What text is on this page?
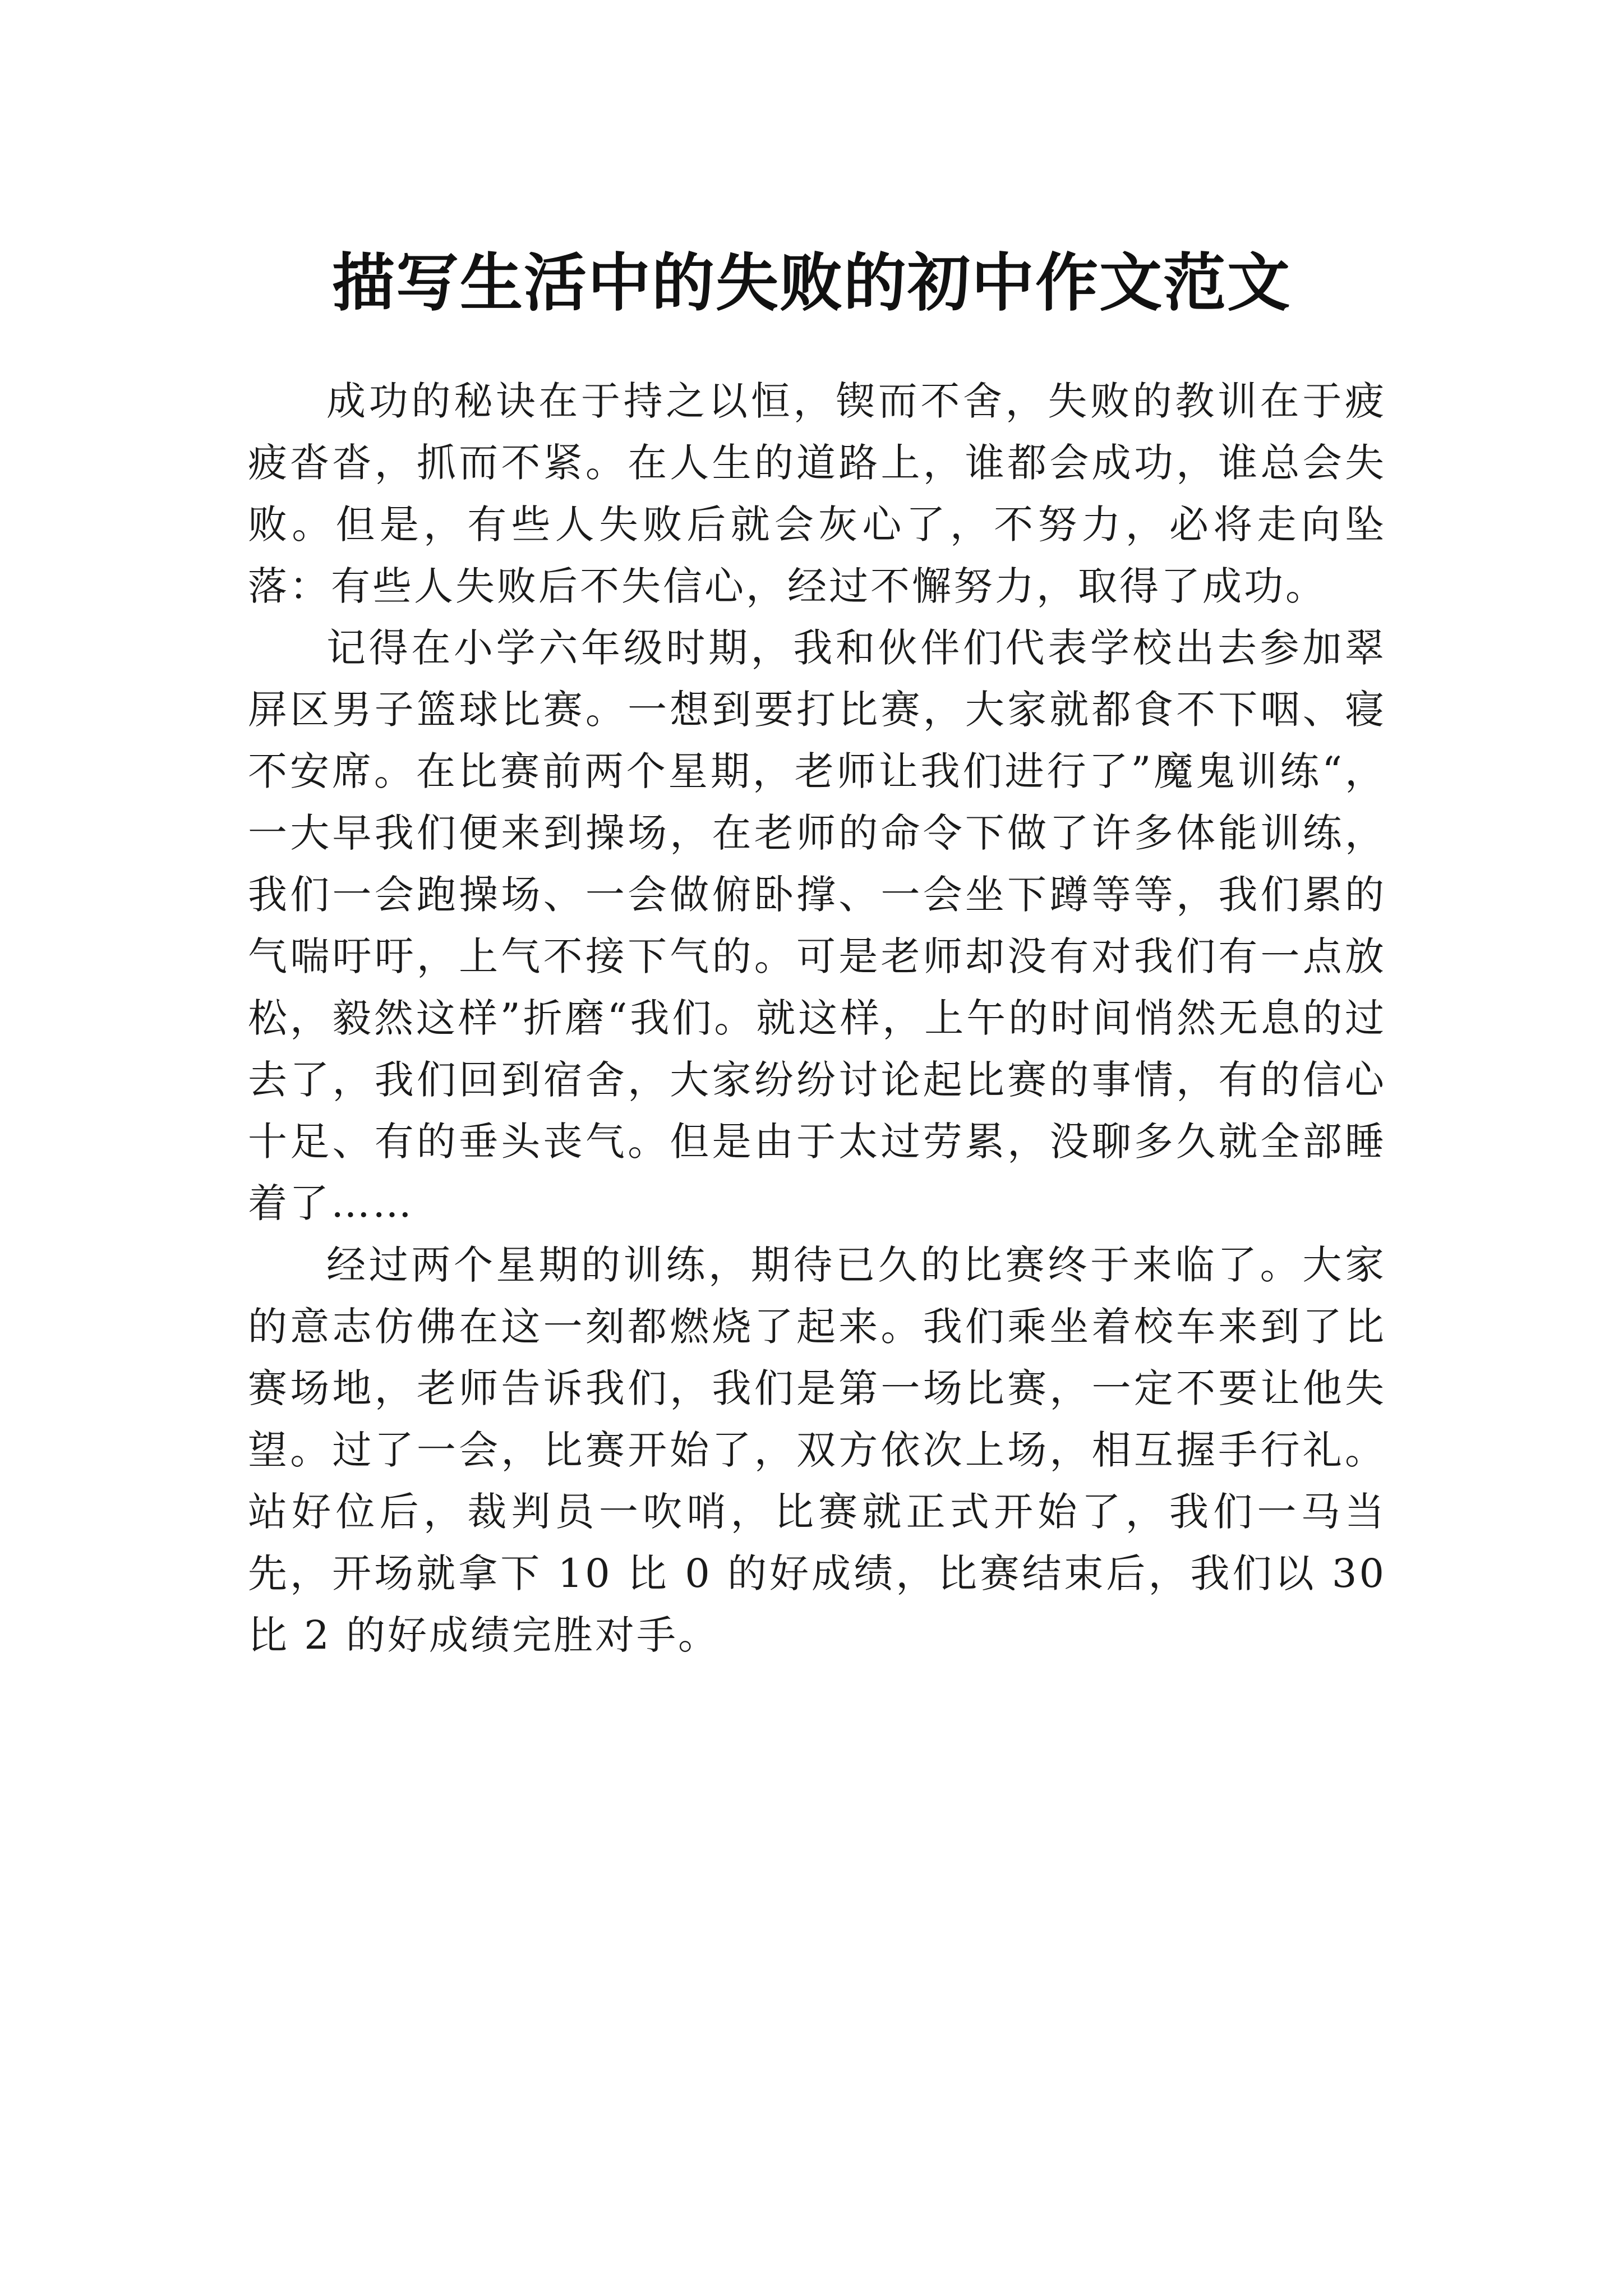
描写生活中的失败的初中作文范文

成功的秘诀在于持之以恒，锲而不舍，失败的教训在于疲疲沓沓，抓而不紧。在人生的道路上，谁都会成功，谁总会失败。但是，有些人失败后就会灰心了，不努力，必将走向坠落：有些人失败后不失信心，经过不懈努力，取得了成功。

记得在小学六年级时期，我和伙伴们代表学校出去参加翠屏区男子篮球比赛。一想到要打比赛，大家就都食不下咽、寝不安席。在比赛前两个星期，老师让我们进行了”魔鬼训练“，一大早我们便来到操场，在老师的命令下做了许多体能训练，我们一会跑操场、一会做俯卧撑、一会坐下蹲等等，我们累的气喘吁吁，上气不接下气的。可是老师却没有对我们有一点放松，毅然这样”折磨“我们。就这样，上午的时间悄然无息的过去了，我们回到宿舍，大家纷纷讨论起比赛的事情，有的信心十足、有的垂头丧气。但是由于太过劳累，没聊多久就全部睡着了……

经过两个星期的训练，期待已久的比赛终于来临了。大家的意志仿佛在这一刻都燃烧了起来。我们乘坐着校车来到了比赛场地，老师告诉我们，我们是第一场比赛，一定不要让他失望。过了一会，比赛开始了，双方依次上场，相互握手行礼。站好位后，裁判员一吹哨，比赛就正式开始了，我们一马当先，开场就拿下 10 比 0 的好成绩，比赛结束后，我们以 30 比 2 的好成绩完胜对手。
